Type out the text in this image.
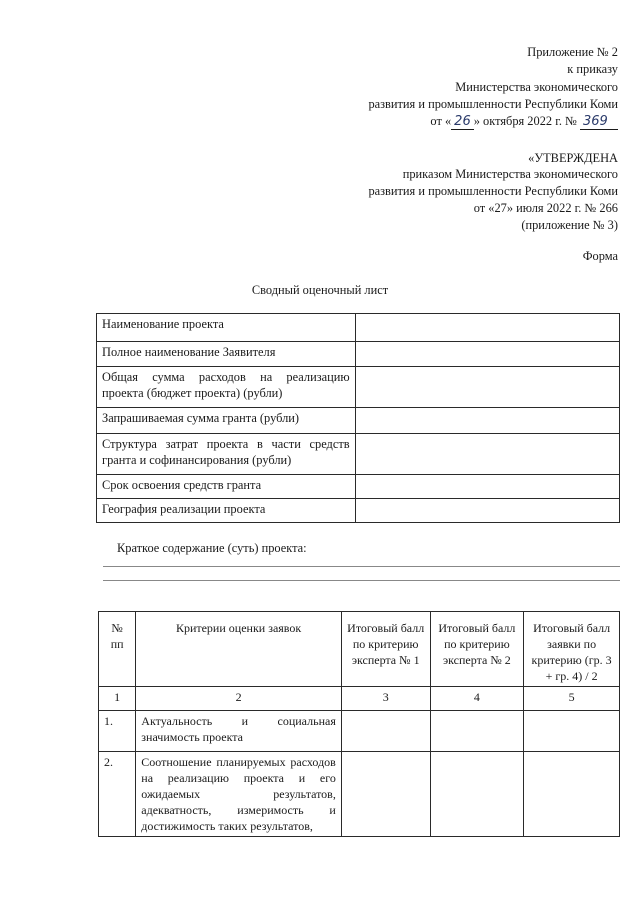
Приложение № 2
к приказу
Министерства экономического
развития и промышленности Республики Коми
от « 26 » октября 2022 г. № 369
«УТВЕРЖДЕНА
приказом Министерства экономического
развития и промышленности Республики Коми
от «27» июля 2022 г. № 266
(приложение № 3)
Форма
Сводный оценочный лист
Наименование проекта	
Полное наименование Заявителя	
Общая сумма расходов на реализацию проекта (бюджет проекта) (рубли)	
Запрашиваемая сумма гранта (рубли)	
Структура затрат проекта в части средств гранта и софинансирования (рубли)	
Срок освоения средств гранта	
География реализации проекта	
Краткое содержание (суть) проекта:
№ пп	Критерии оценки заявок	Итоговый балл по критерию эксперта № 1	Итоговый балл по критерию эксперта № 2	Итоговый балл заявки по критерию (гр. 3 + гр. 4) / 2
1	2	3	4	5
1.	Актуальность и социальная значимость проекта			
2.	Соотношение планируемых расходов на реализацию проекта и его ожидаемых результатов, адекватность, измеримость и достижимость таких результатов,			
